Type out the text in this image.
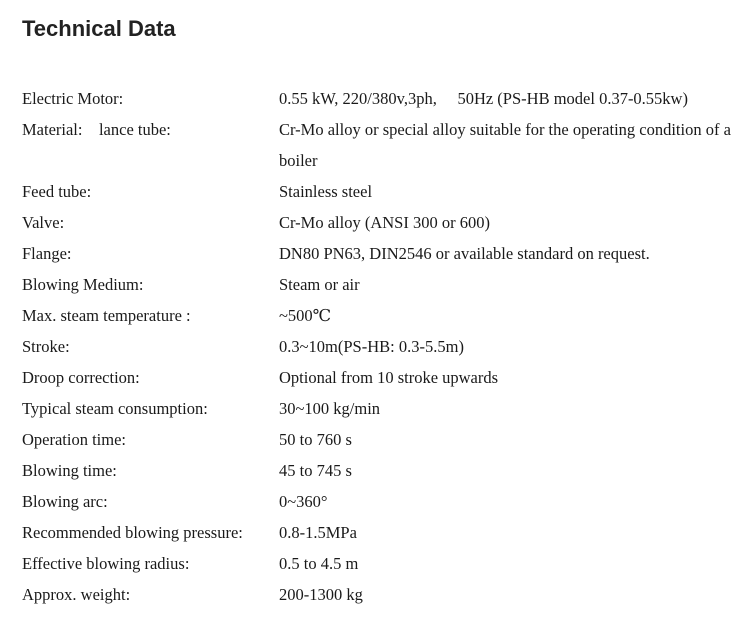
Technical Data
Electric Motor:	0.55 kW, 220/380v,3ph,     50Hz (PS-HB model 0.37-0.55kw)
Material:    lance tube:	Cr-Mo alloy or special alloy suitable for the operating condition of a boiler
Feed tube:	Stainless steel
Valve:	Cr-Mo alloy (ANSI 300 or 600)
Flange:	DN80 PN63, DIN2546 or available standard on request.
Blowing Medium:	Steam or air
Max. steam temperature :	~500℃
Stroke:	0.3~10m(PS-HB: 0.3-5.5m)
Droop correction:	Optional from 10 stroke upwards
Typical steam consumption:	30~100 kg/min
Operation time:	50 to 760 s
Blowing time:	45 to 745 s
Blowing arc:	0~360°
Recommended blowing pressure: 0.8-1.5MPa
Effective blowing radius:	0.5 to 4.5 m
Approx. weight:	200-1300 kg
